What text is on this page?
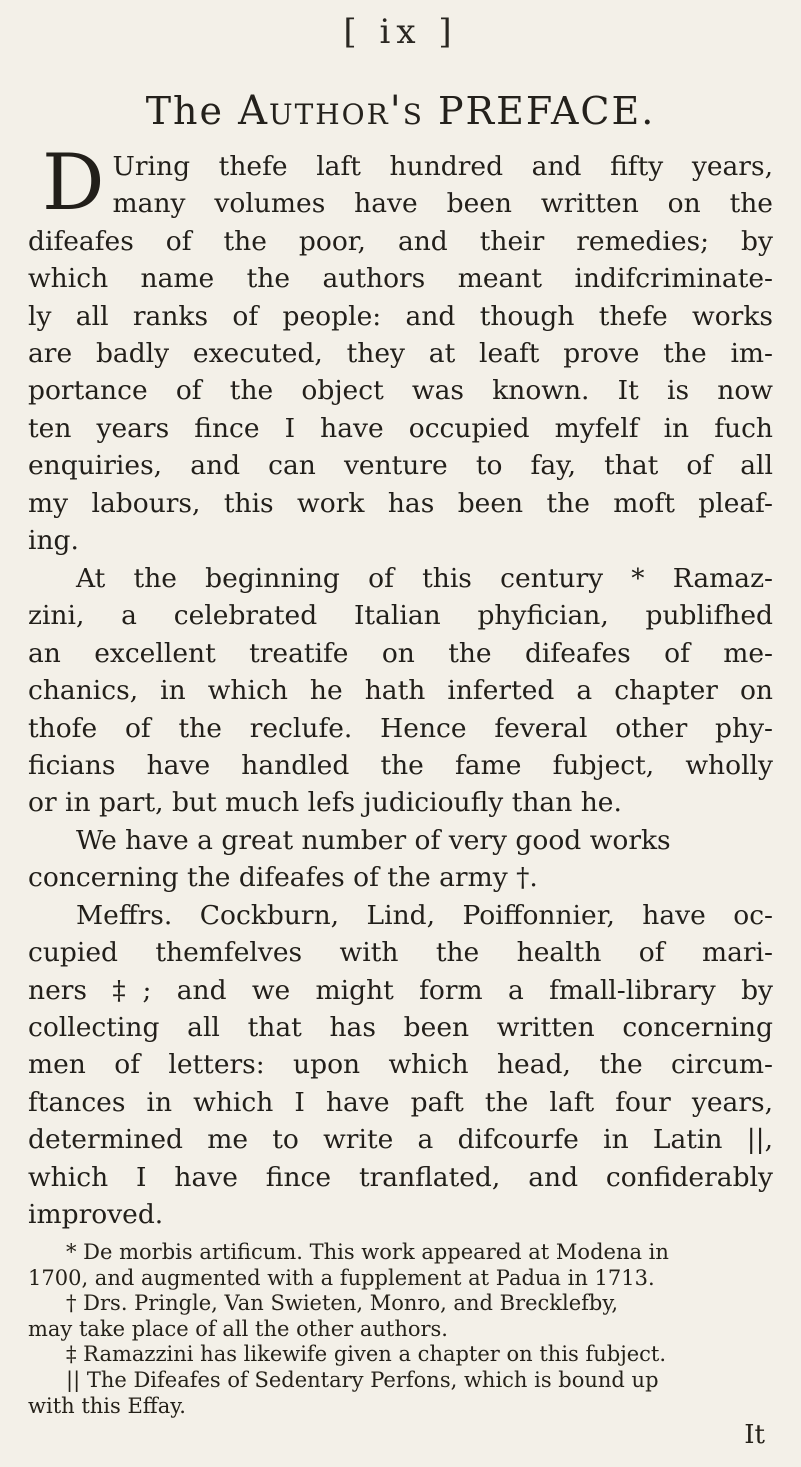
[ ix ]
The Author's PREFACE.
D Uring thefe laft hundred and fifty years,
many volumes have been written on the
difeafes of the poor, and their remedies; by
which name the authors meant indifcriminate-
ly all ranks of people: and though thefe works
are badly executed, they at leaft prove the im-
portance of the object was known. It is now
ten years fince I have occupied myfelf in fuch
enquiries, and can venture to fay, that of all
my labours, this work has been the moft pleaf-
ing.
At the beginning of this century * Ramaz-
zini, a celebrated Italian phyfician, publifhed
an excellent treatife on the difeafes of me-
chanics, in which he hath inferted a chapter on
thofe of the reclufe. Hence feveral other phy-
ficians have handled the fame fubject, wholly
or in part, but much lefs judicioufly than he.
We have a great number of very good works
concerning the difeafes of the army †.
Meffrs. Cockburn, Lind, Poiffonnier, have oc-
cupied themfelves with the health of mari-
ners ‡; and we might form a fmall-library by
collecting all that has been written concerning
men of letters: upon which head, the circum-
ftances in which I have paft the laft four years,
determined me to write a difcourfe in Latin ||,
which I have fince tranflated, and confiderably
improved.
* De morbis artificum. This work appeared at Modena in
1700, and augmented with a fupplement at Padua in 1713.
† Drs. Pringle, Van Swieten, Monro, and Brecklefby,
may take place of all the other authors.
‡ Ramazzini has likewife given a chapter on this fubject.
|| The Difeafes of Sedentary Perfons, which is bound up
with this Effay.
It
